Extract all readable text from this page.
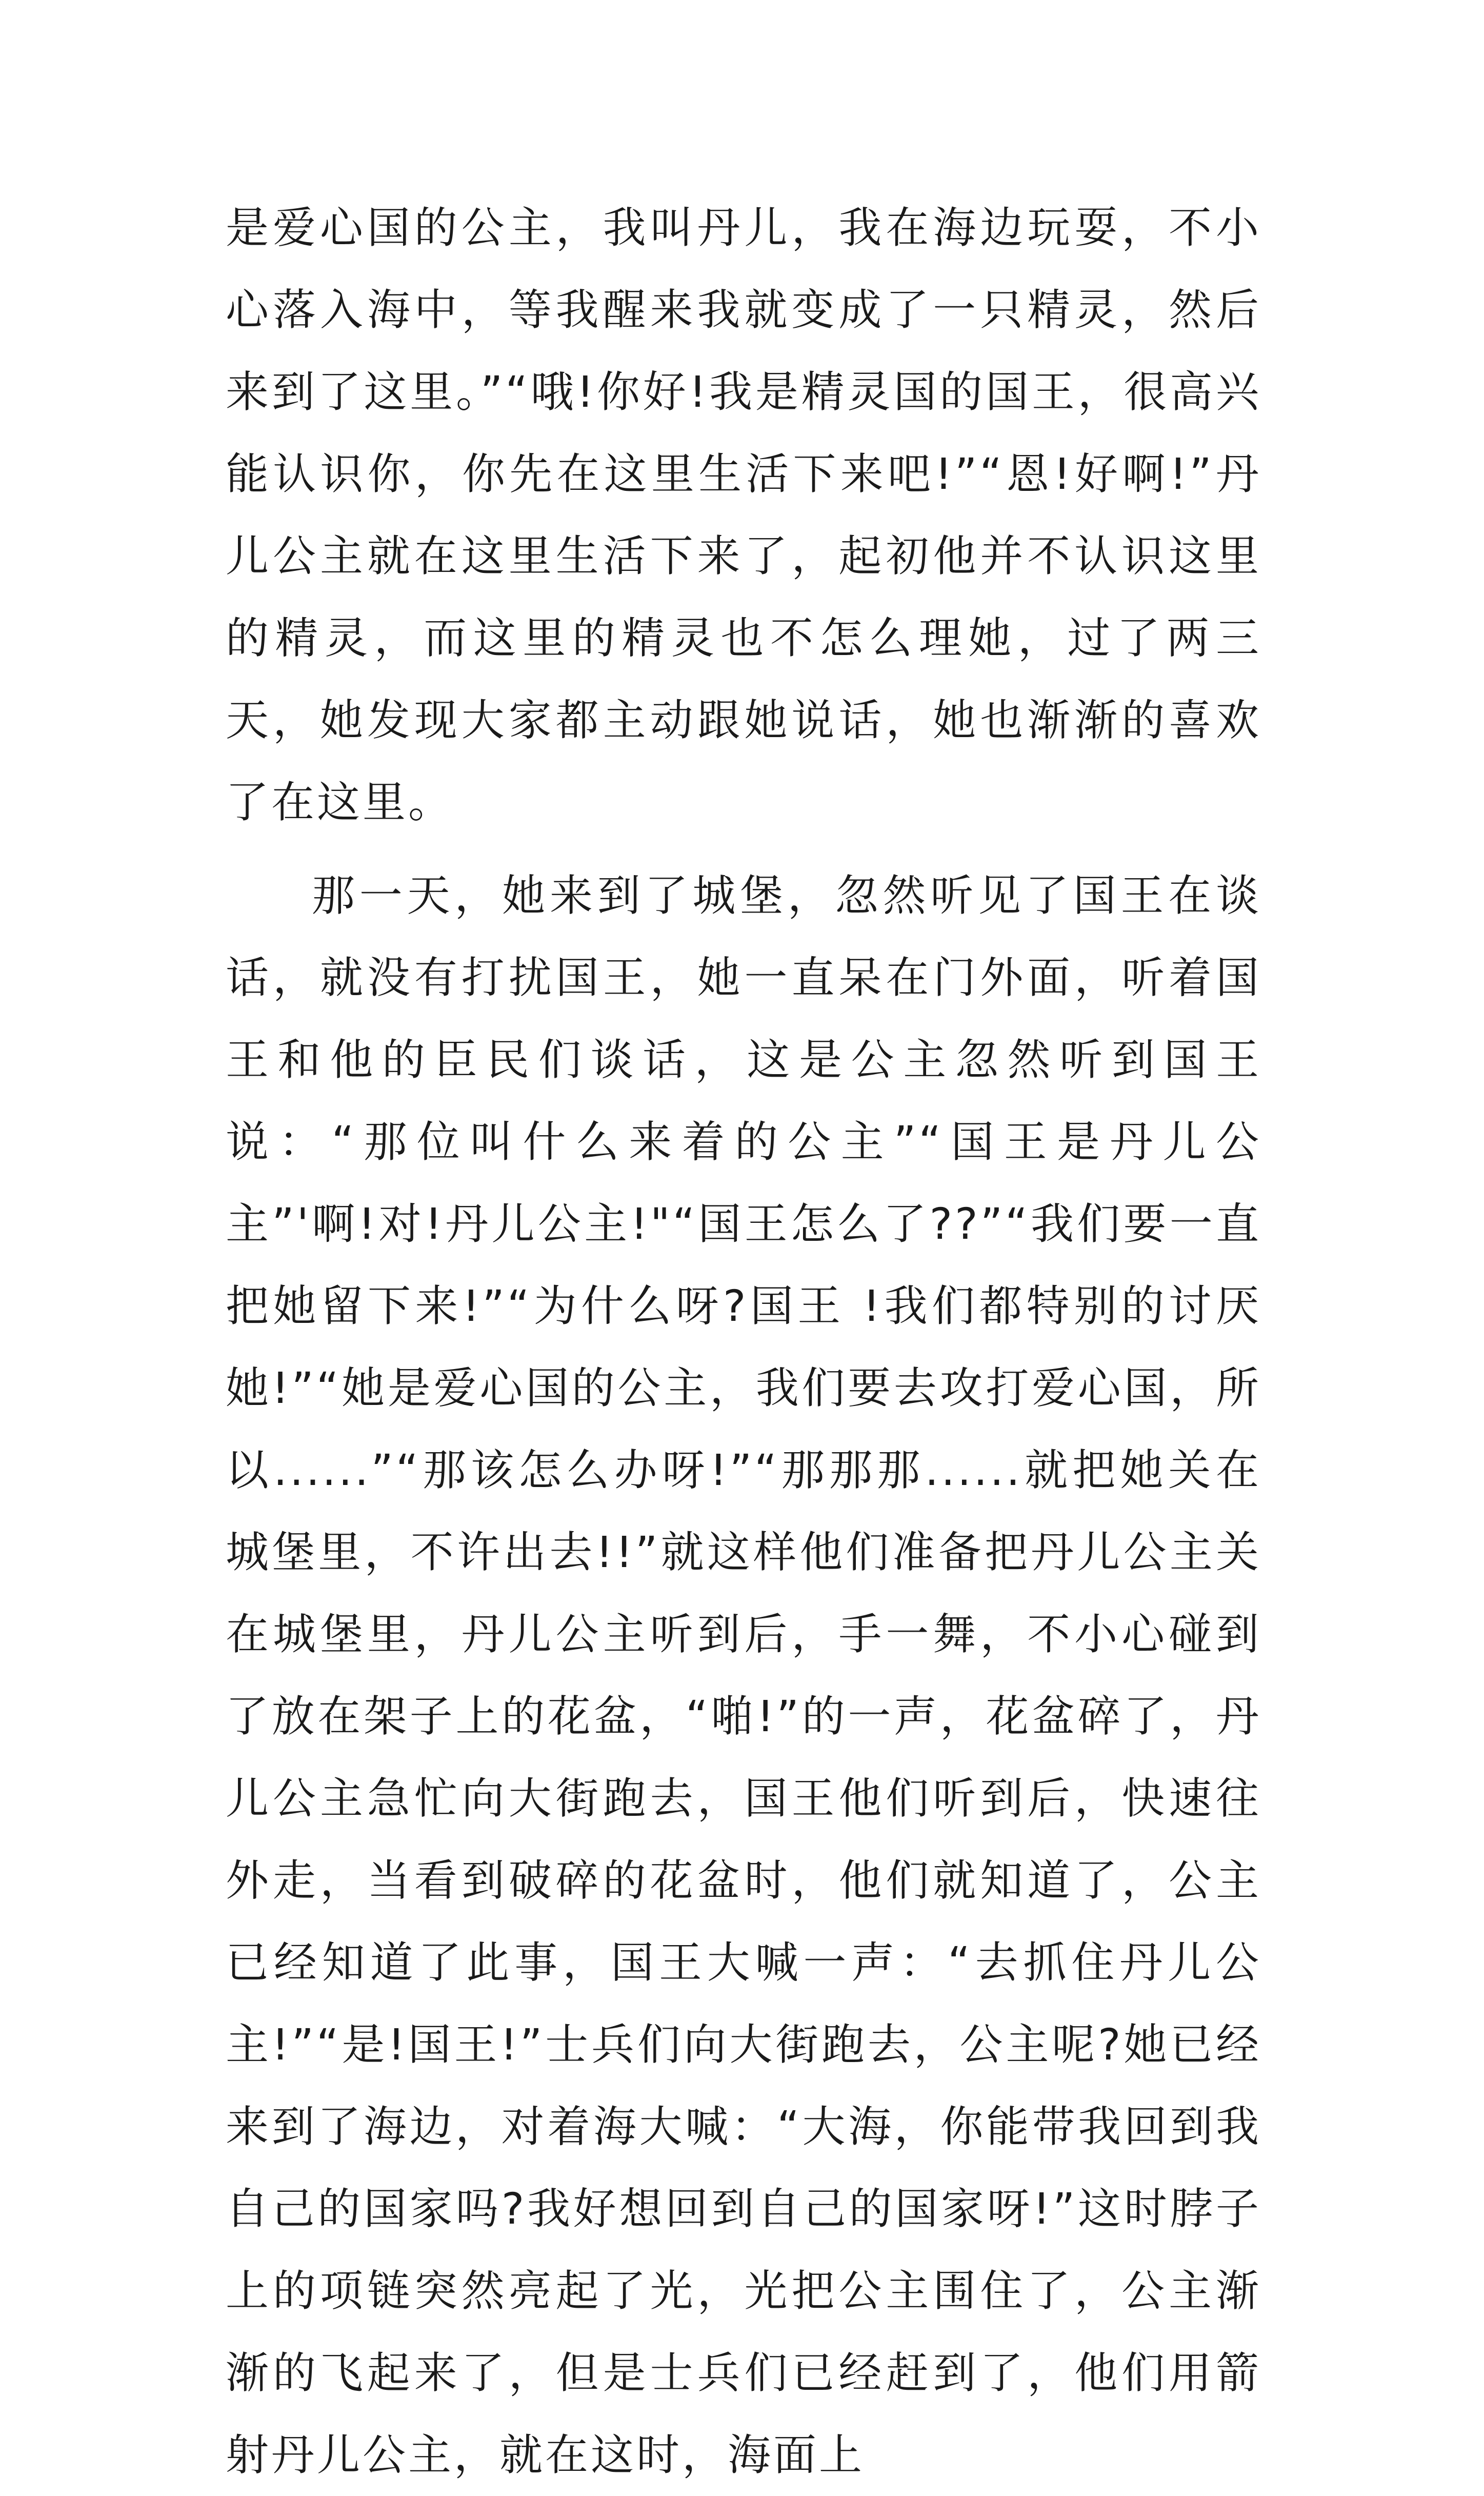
是爱心国的公主，我叫丹儿，我在海边玩耍，不小心落入海中，等我醒来我就变成了一只精灵，然后来到了这里。”“哦!你好!我是精灵国的国王，很高兴能认识你，你先在这里生活下来吧!”“恩!好啊!”丹儿公主就在这里生活下来了，起初他并不认识这里的精灵，而这里的精灵也不怎么理她，过了两三天，她发现大家都主动跟她说话，她也渐渐的喜欢了在这里。

那一天，她来到了城堡，忽然听见了国王在谈话，就没有打扰国王，她一直呆在门外面，听着国王和他的臣民们谈话，这是公主忽然听到国王说：“那位叫什么来着的公主”“国王是丹儿公主”'啊!对!丹儿公主!"“国王怎么了??”“我们要一直把她留下来!”“为什么呀?国王 !我们都特别的讨厌她!”“她是爱心国的公主，我们要去攻打爱心国，所以......”“那该怎么办呀!”“那那那......就把她关在城堡里，不许出去!!”就这样他们准备把丹儿公主关在城堡里，丹儿公主听到后，手一舞，不小心碰到了放在架子上的花盆，“啪!”的一声，花盆碎了，丹儿公主急忙向大街跑去，国王他们听到后，快速往外走，当看到破碎的花盆时，他们就知道了，公主已经知道了此事，国王大喊一声：“去抓住丹儿公主!”“是!国王!”士兵们向大街跑去，公主呢?她已经来到了海边，对着海大喊：“大海，你能带我回到我自己的国家吗?我好想回到自己的国家呀!”这时脖子上的项链突然亮起了光，光把公主围住了，公主渐渐的飞起来了，但是士兵们已经赶到了，他们用箭射丹儿公主，就在这时，海面上
